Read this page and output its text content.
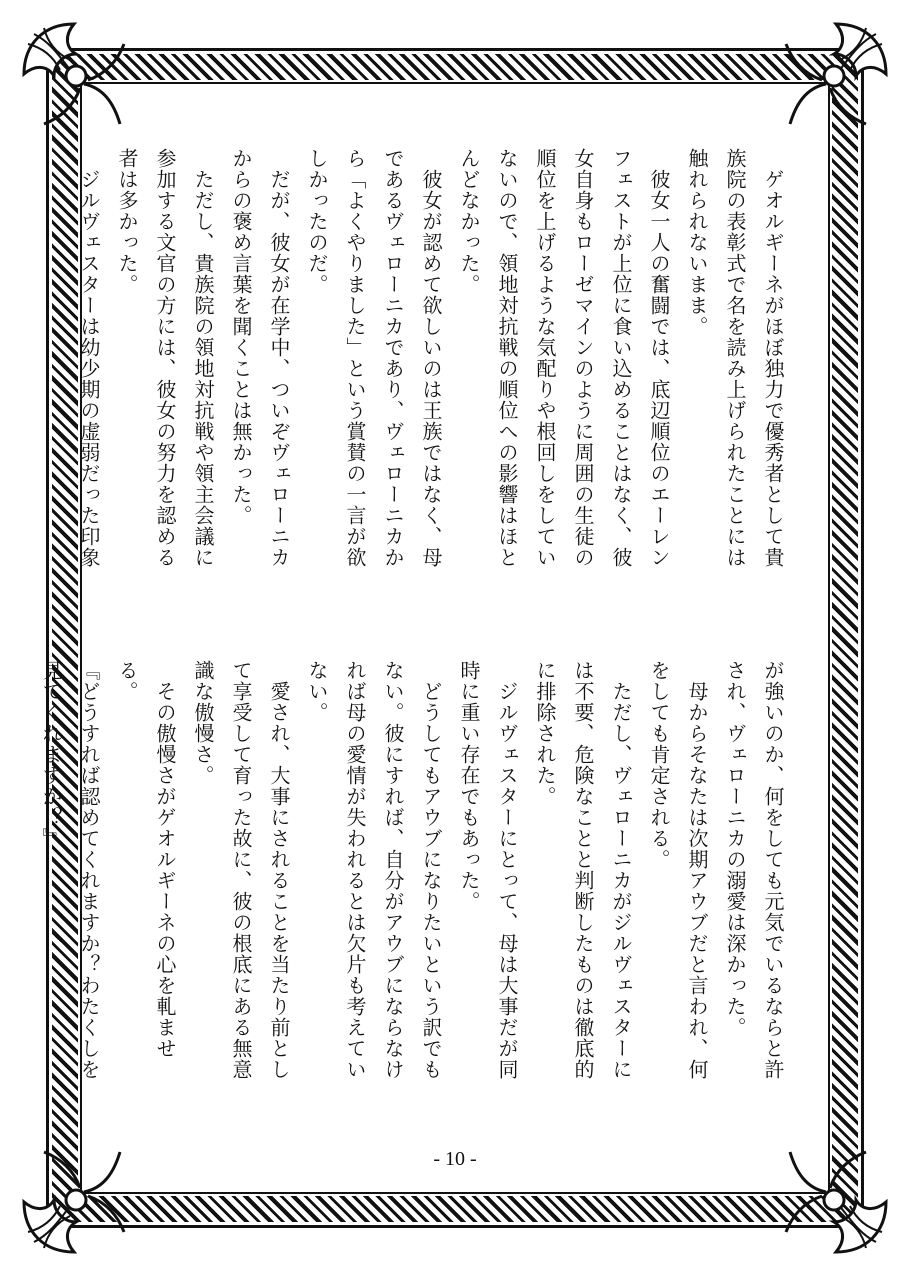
　ゲオルギーネがほぼ独力で優秀者として貴族院の表彰式で名を読み上げられたことには触れられないまま。

　彼女一人の奮闘では、底辺順位のエーレンフェストが上位に食い込めることはなく、彼女自身もローゼマインのように周囲の生徒の順位を上げるような気配りや根回しをしていないので、領地対抗戦の順位への影響はほとんどなかった。

　彼女が認めて欲しいのは王族ではなく、母であるヴェローニカであり、ヴェローニカから「よくやりました」という賞賛の一言が欲しかったのだ。

　だが、彼女が在学中、ついぞヴェローニカからの褒め言葉を聞くことは無かった。

　ただし、貴族院の領地対抗戦や領主会議に参加する文官の方には、彼女の努力を認める者は多かった。

　ジルヴェスターは幼少期の虚弱だった印象

が強いのか、何をしても元気でいるならと許され、ヴェローニカの溺愛は深かった。

　母からそなたは次期アウブだと言われ、何をしても肯定される。

　ただし、ヴェローニカがジルヴェスターには不要、危険なことと判断したものは徹底的に排除された。

　ジルヴェスターにとって、母は大事だが同時に重い存在でもあった。

　どうしてもアウブになりたいという訳でもない。彼にすれば、自分がアウブにならなければ母の愛情が失われるとは欠片も考えていない。

　愛され、大事にされることを当たり前として享受して育った故に、彼の根底にある無意識な傲慢さ。

　その傲慢さがゲオルギーネの心を軋ませる。

『どうすれば認めてくれますか？わたくしを見てくれますか？』

- 10 -
